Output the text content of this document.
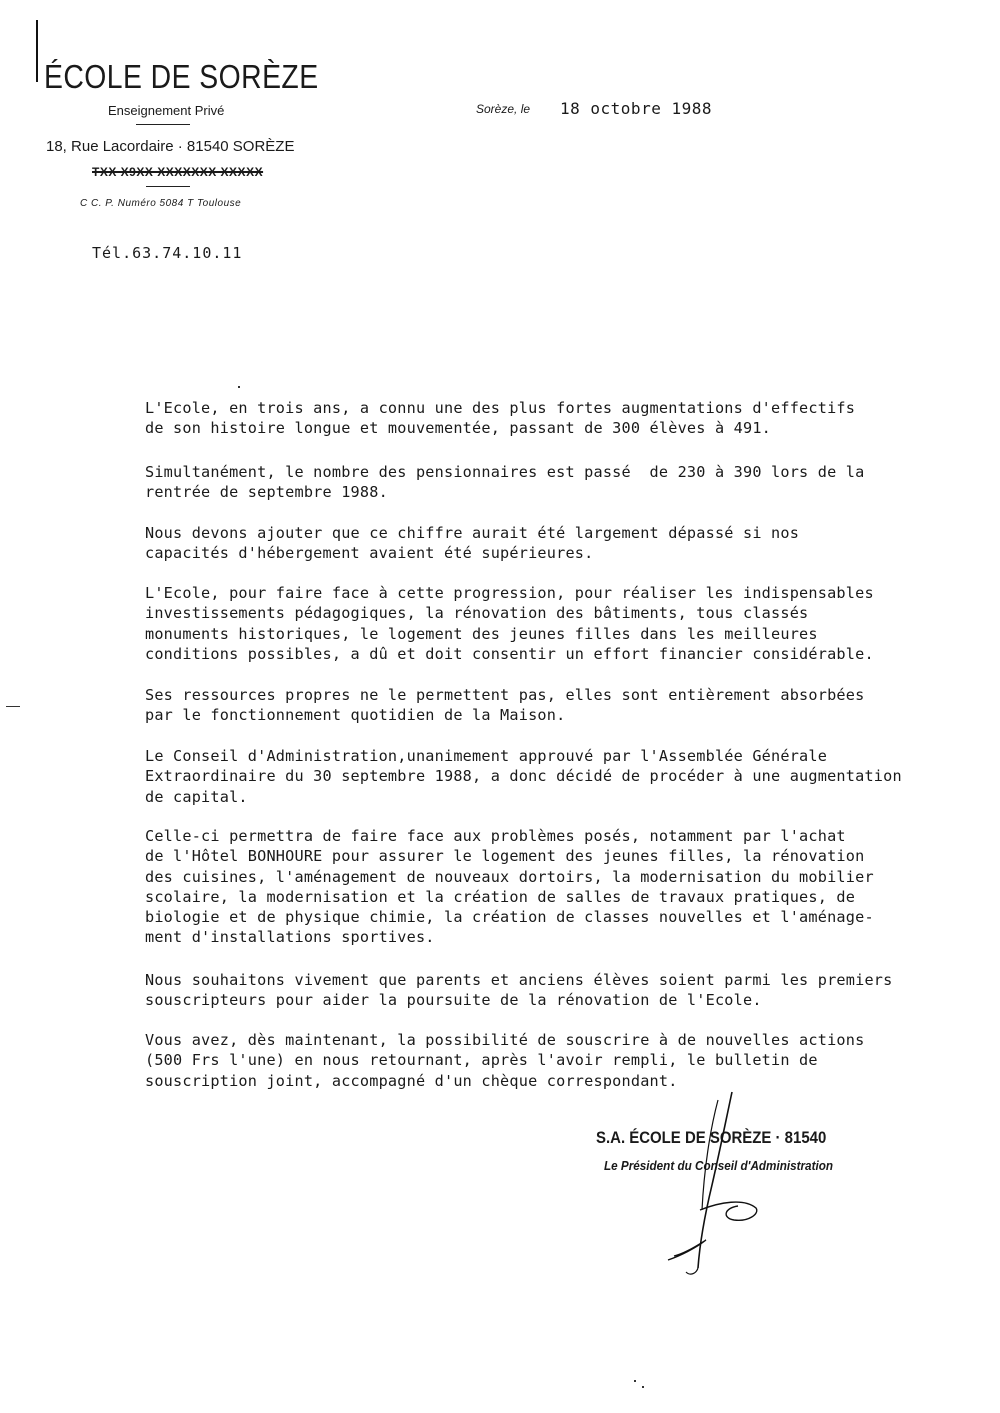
ÉCOLE DE SORÈZE
Enseignement Privé
18, Rue Lacordaire · 81540 SORÈZE
TXX X9XX XXXXXXX XXXXX
C C. P. Numéro 5084 T Toulouse
Tél.63.74.10.11
Sorèze, le 18 octobre 1988

L'Ecole, en trois ans, a connu une des plus fortes augmentations d'effectifs
de son histoire longue et mouvementée, passant de 300 élèves à 491.

Simultanément, le nombre des pensionnaires est passé  de 230 à 390 lors de la
rentrée de septembre 1988.

Nous devons ajouter que ce chiffre aurait été largement dépassé si nos
capacités d'hébergement avaient été supérieures.

L'Ecole, pour faire face à cette progression, pour réaliser les indispensables
investissements pédagogiques, la rénovation des bâtiments, tous classés
monuments historiques, le logement des jeunes filles dans les meilleures
conditions possibles, a dû et doit consentir un effort financier considérable.

Ses ressources propres ne le permettent pas, elles sont entièrement absorbées
par le fonctionnement quotidien de la Maison.

Le Conseil d'Administration,unanimement approuvé par l'Assemblée Générale
Extraordinaire du 30 septembre 1988, a donc décidé de procéder à une augmentation
de capital.

Celle-ci permettra de faire face aux problèmes posés, notamment par l'achat
de l'Hôtel BONHOURE pour assurer le logement des jeunes filles, la rénovation
des cuisines, l'aménagement de nouveaux dortoirs, la modernisation du mobilier
scolaire, la modernisation et la création de salles de travaux pratiques, de
biologie et de physique chimie, la création de classes nouvelles et l'aménage-
ment d'installations sportives.

Nous souhaitons vivement que parents et anciens élèves soient parmi les premiers
souscripteurs pour aider la poursuite de la rénovation de l'Ecole.

Vous avez, dès maintenant, la possibilité de souscrire à de nouvelles actions
(500 Frs l'une) en nous retournant, après l'avoir rempli, le bulletin de
souscription joint, accompagné d'un chèque correspondant.

S.A. ÉCOLE DE SORÈZE · 81540
Le Président du Conseil d'Administration
